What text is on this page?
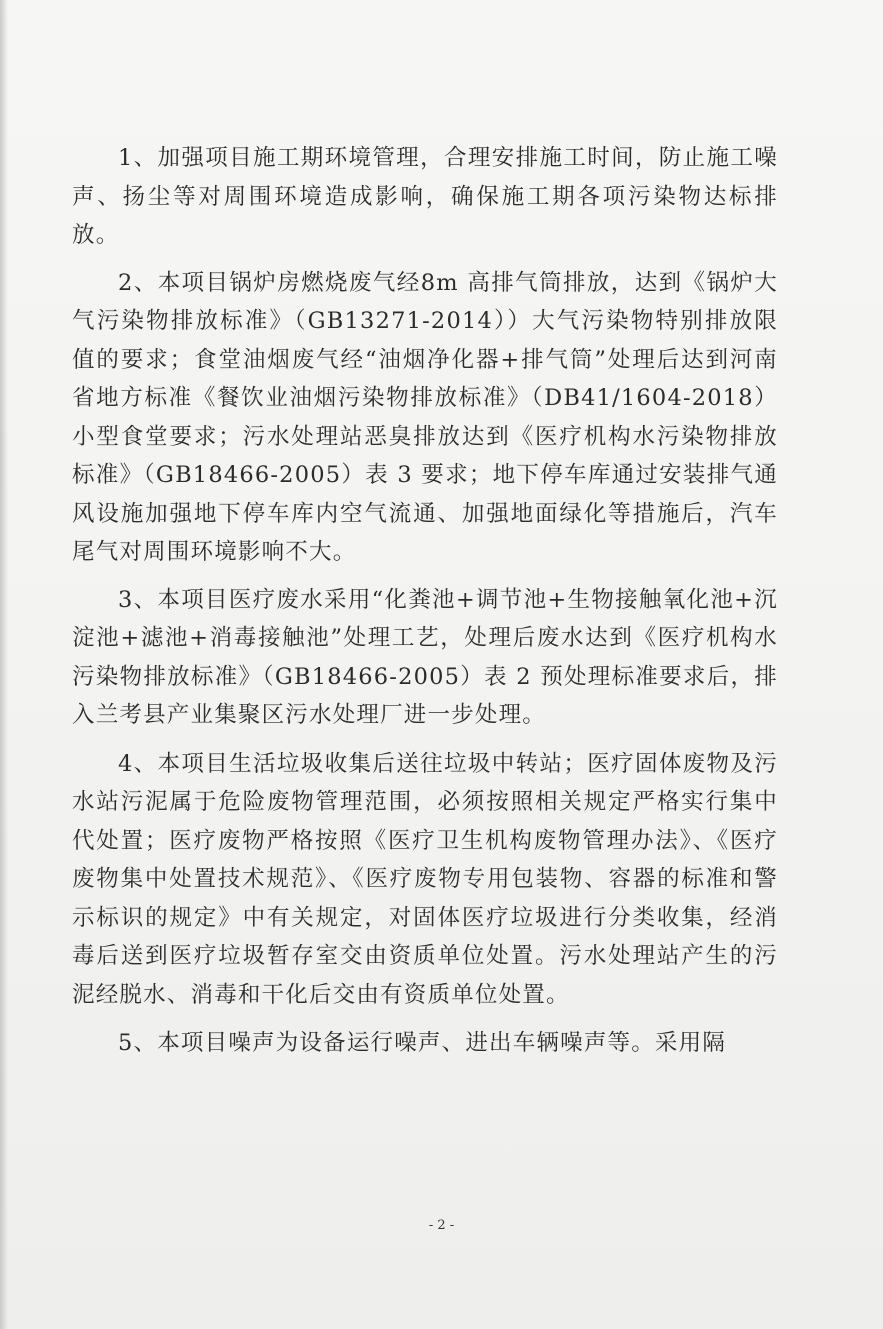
1、加强项目施工期环境管理，合理安排施工时间，防止施工噪声、扬尘等对周围环境造成影响，确保施工期各项污染物达标排放。

2、本项目锅炉房燃烧废气经8m 高排气筒排放，达到《锅炉大气污染物排放标准》（GB13271-2014））大气污染物特别排放限值的要求；食堂油烟废气经“油烟净化器+排气筒”处理后达到河南省地方标准《餐饮业油烟污染物排放标准》（DB41/1604-2018）小型食堂要求；污水处理站恶臭排放达到《医疗机构水污染物排放标准》（GB18466-2005）表 3 要求；地下停车库通过安装排气通风设施加强地下停车库内空气流通、加强地面绿化等措施后，汽车尾气对周围环境影响不大。

3、本项目医疗废水采用“化粪池+调节池+生物接触氧化池+沉淀池+滤池+消毒接触池”处理工艺，处理后废水达到《医疗机构水污染物排放标准》（GB18466-2005）表 2 预处理标准要求后，排入兰考县产业集聚区污水处理厂进一步处理。

4、本项目生活垃圾收集后送往垃圾中转站；医疗固体废物及污水站污泥属于危险废物管理范围，必须按照相关规定严格实行集中代处置；医疗废物严格按照《医疗卫生机构废物管理办法》、《医疗废物集中处置技术规范》、《医疗废物专用包装物、容器的标准和警示标识的规定》中有关规定，对固体医疗垃圾进行分类收集，经消毒后送到医疗垃圾暂存室交由资质单位处置。污水处理站产生的污泥经脱水、消毒和干化后交由有资质单位处置。

5、本项目噪声为设备运行噪声、进出车辆噪声等。采用隔

- 2 -
